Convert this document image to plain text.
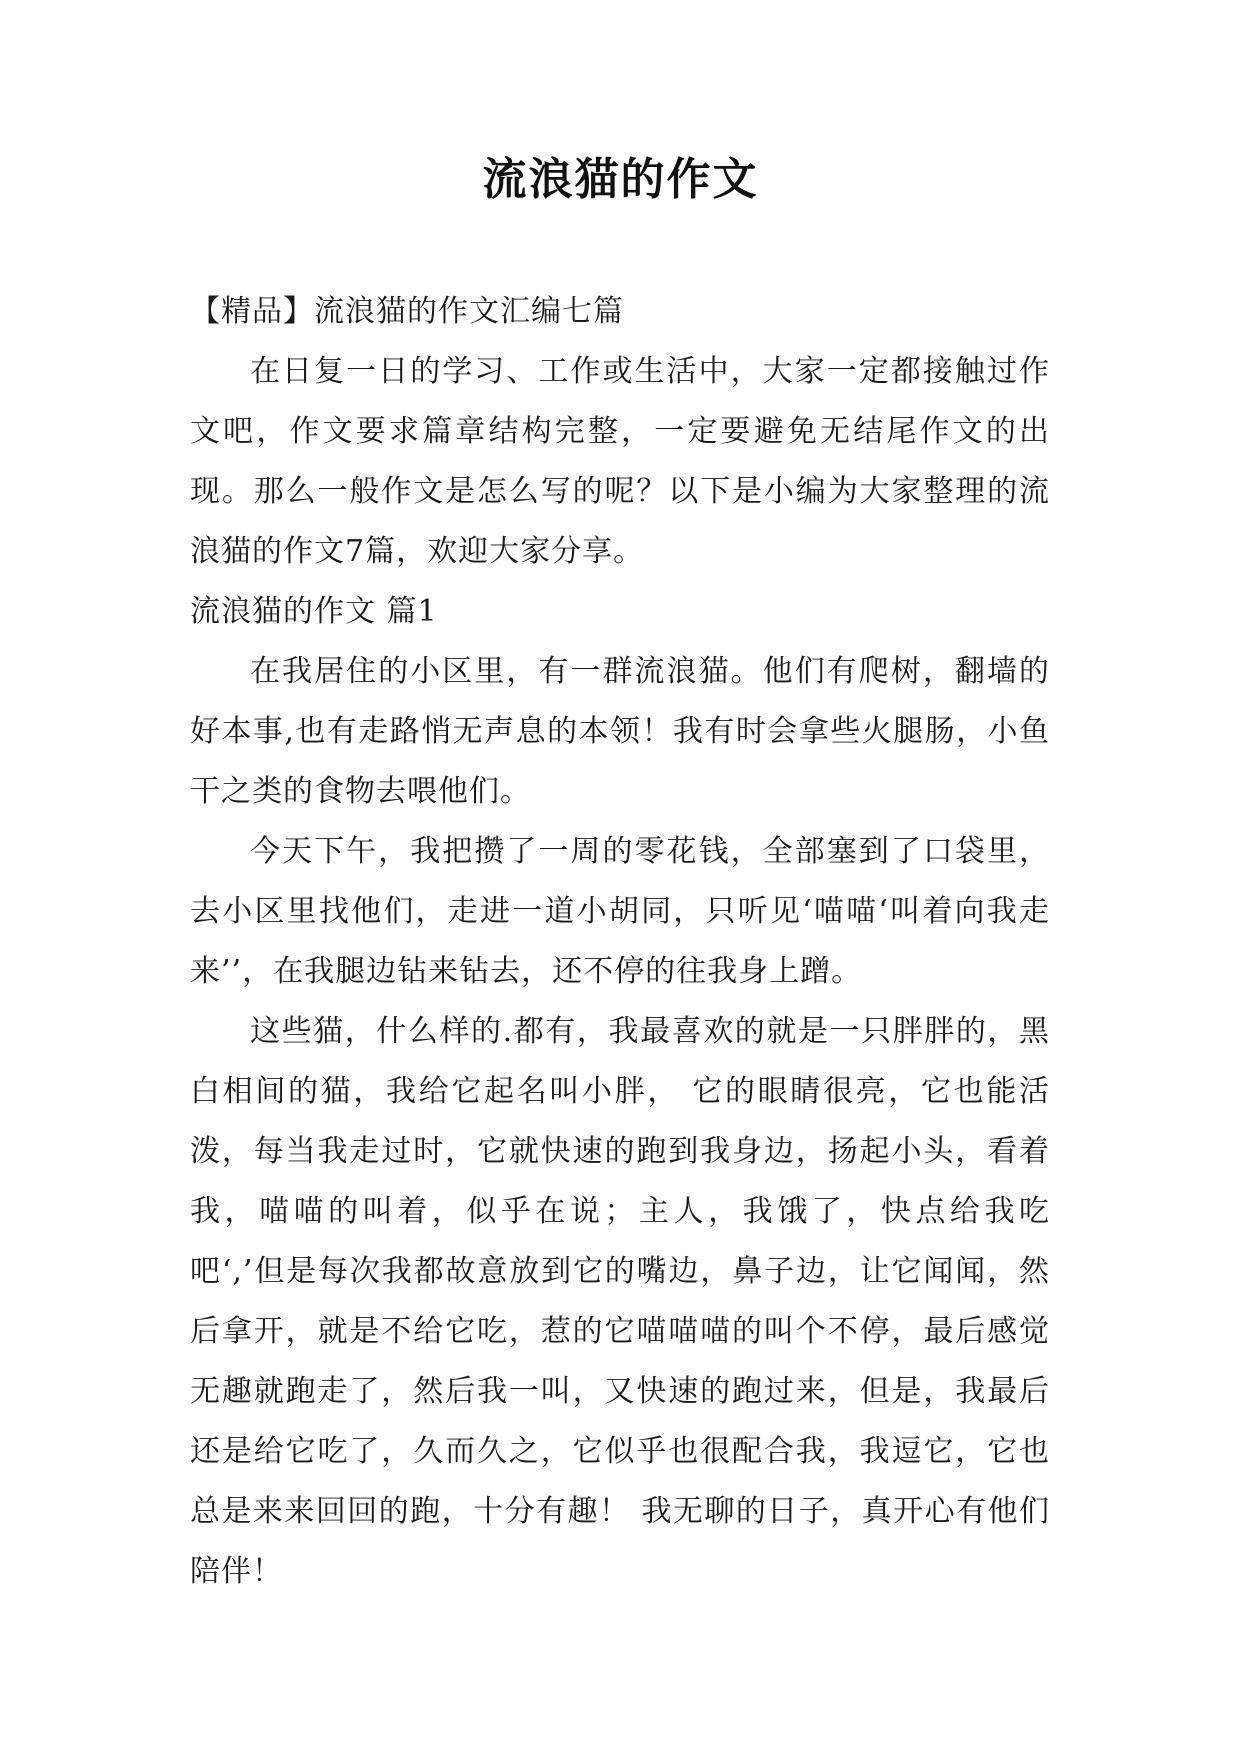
流浪猫的作文

【精品】流浪猫的作文汇编七篇

在日复一日的学习、工作或生活中，大家一定都接触过作文吧，作文要求篇章结构完整，一定要避免无结尾作文的出现。那么一般作文是怎么写的呢？以下是小编为大家整理的流浪猫的作文7篇，欢迎大家分享。

流浪猫的作文 篇1

在我居住的小区里，有一群流浪猫。他们有爬树，翻墙的好本事,也有走路悄无声息的本领！我有时会拿些火腿肠，小鱼干之类的食物去喂他们。

今天下午，我把攒了一周的零花钱，全部塞到了口袋里，去小区里找他们，走进一道小胡同，只听见‘喵喵‘叫着向我走来’’，在我腿边钻来钻去，还不停的往我身上蹭。

这些猫，什么样的.都有，我最喜欢的就是一只胖胖的，黑白相间的猫，我给它起名叫小胖， 它的眼睛很亮，它也能活泼，每当我走过时，它就快速的跑到我身边，扬起小头，看着我，喵喵的叫着，似乎在说；主人，我饿了，快点给我吃吧‘,’但是每次我都故意放到它的嘴边，鼻子边，让它闻闻，然后拿开，就是不给它吃，惹的它喵喵喵的叫个不停，最后感觉无趣就跑走了，然后我一叫，又快速的跑过来，但是，我最后还是给它吃了，久而久之，它似乎也很配合我，我逗它，它也总是来来回回的跑，十分有趣！ 我无聊的日子，真开心有他们陪伴！
